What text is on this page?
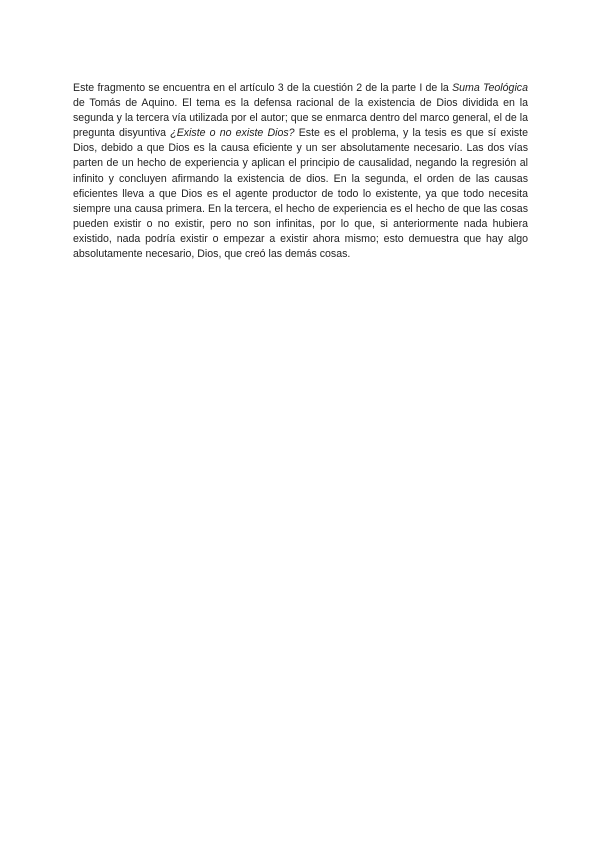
Este fragmento se encuentra en el artículo 3 de la cuestión 2 de la parte I de la Suma Teológica de Tomás de Aquino. El tema es la defensa racional de la existencia de Dios dividida en la segunda y la tercera vía utilizada por el autor; que se enmarca dentro del marco general, el de la pregunta disyuntiva ¿Existe o no existe Dios? Este es el problema, y la tesis es que sí existe Dios, debido a que Dios es la causa eficiente y un ser absolutamente necesario. Las dos vías parten de un hecho de experiencia y aplican el principio de causalidad, negando la regresión al infinito y concluyen afirmando la existencia de dios. En la segunda, el orden de las causas eficientes lleva a que Dios es el agente productor de todo lo existente, ya que todo necesita siempre una causa primera. En la tercera, el hecho de experiencia es el hecho de que las cosas pueden existir o no existir, pero no son infinitas, por lo que, si anteriormente nada hubiera existido, nada podría existir o empezar a existir ahora mismo; esto demuestra que hay algo absolutamente necesario, Dios, que creó las demás cosas.
